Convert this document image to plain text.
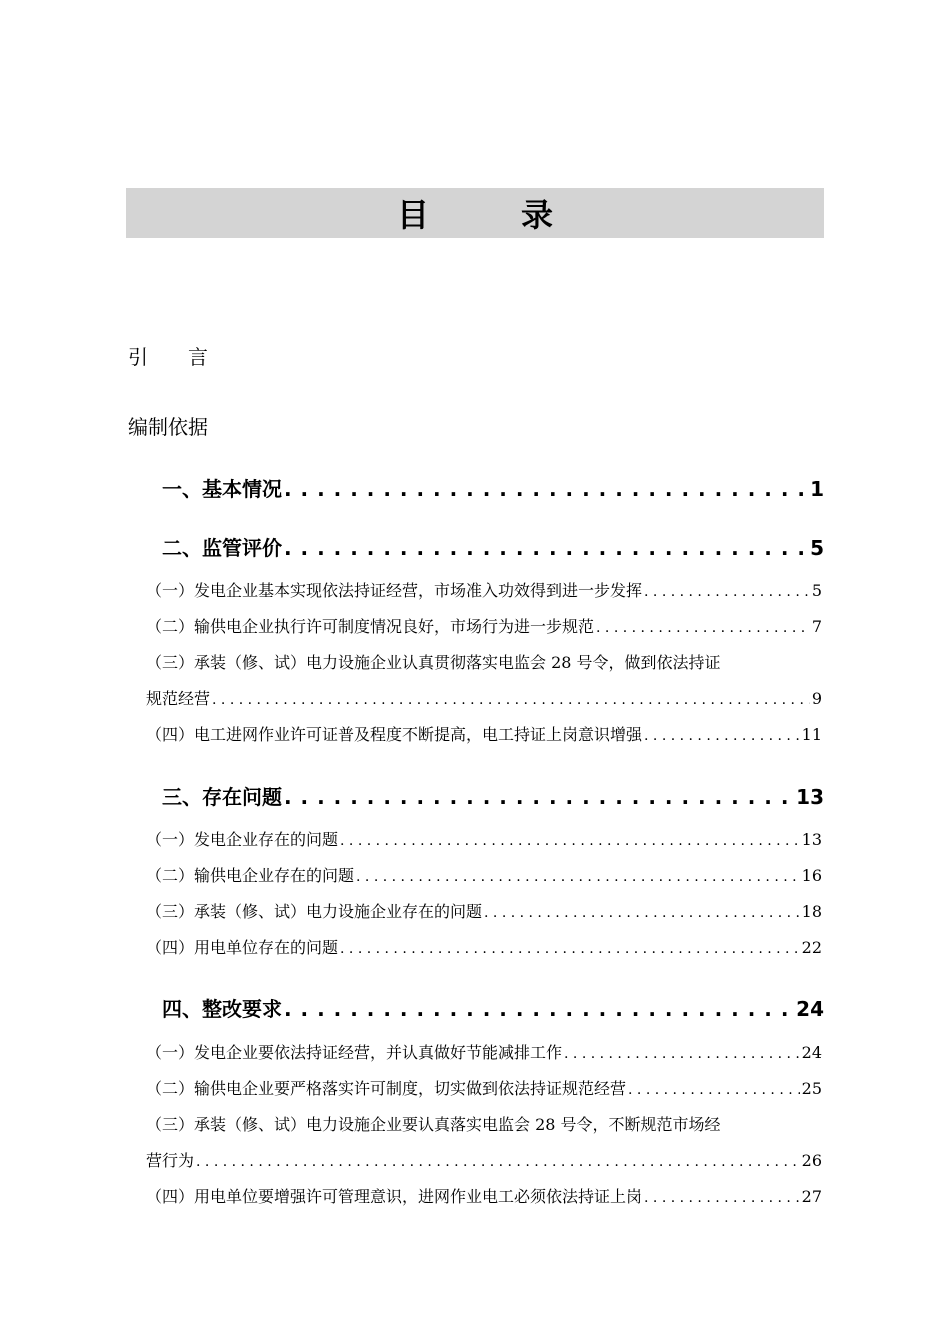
目　录
引　　言
编制依据
一、基本情况 . . .	1
二、监管评价 . . .	5
（一）发电企业基本实现依法持证经营，市场准入功效得到进一步发挥 . . .	5
（二）输供电企业执行许可制度情况良好，市场行为进一步规范 . . .	7
（三）承装（修、试）电力设施企业认真贯彻落实电监会 28 号令，做到依法持证
规范经营 . . .	9
（四）电工进网作业许可证普及程度不断提高，电工持证上岗意识增强 . . .	11
三、存在问题 . . .	13
（一）发电企业存在的问题 . . .	13
（二）输供电企业存在的问题 . . .	16
（三）承装（修、试）电力设施企业存在的问题 . . .	18
（四）用电单位存在的问题 . . .	22
四、整改要求 . . .	24
（一）发电企业要依法持证经营，并认真做好节能减排工作 . . .	24
（二）输供电企业要严格落实许可制度，切实做到依法持证规范经营 . . .	25
（三）承装（修、试）电力设施企业要认真落实电监会 28 号令，不断规范市场经
营行为 . . .	26
（四）用电单位要增强许可管理意识，进网作业电工必须依法持证上岗 . . .	27
